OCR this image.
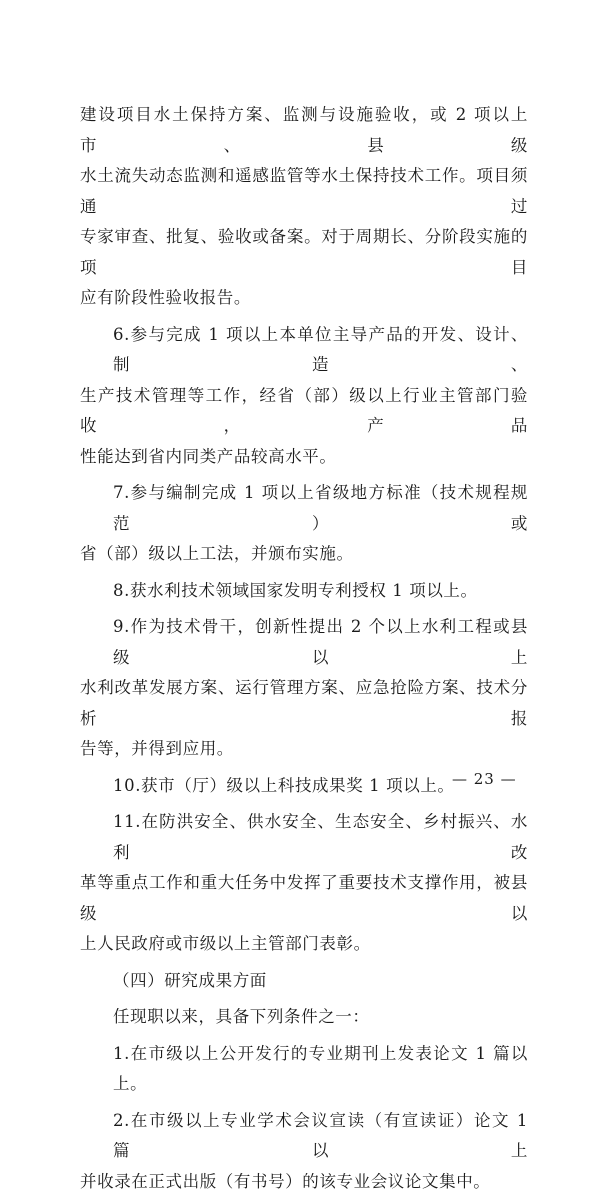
建设项目水土保持方案、监测与设施验收，或 2 项以上市、县级
水土流失动态监测和遥感监管等水土保持技术工作。项目须通过
专家审查、批复、验收或备案。对于周期长、分阶段实施的项目
应有阶段性验收报告。
6.参与完成 1 项以上本单位主导产品的开发、设计、制造、
生产技术管理等工作，经省（部）级以上行业主管部门验收，产品
性能达到省内同类产品较高水平。
7.参与编制完成 1 项以上省级地方标准（技术规程规范）或
省（部）级以上工法，并颁布实施。
8.获水利技术领域国家发明专利授权 1 项以上。
9.作为技术骨干，创新性提出 2 个以上水利工程或县级以上
水利改革发展方案、运行管理方案、应急抢险方案、技术分析报
告等，并得到应用。
10.获市（厅）级以上科技成果奖 1 项以上。
11.在防洪安全、供水安全、生态安全、乡村振兴、水利改
革等重点工作和重大任务中发挥了重要技术支撑作用，被县级以
上人民政府或市级以上主管部门表彰。
（四）研究成果方面
任现职以来，具备下列条件之一：
1.在市级以上公开发行的专业期刊上发表论文 1 篇以上。
2.在市级以上专业学术会议宣读（有宣读证）论文 1 篇以上
并收录在正式出版（有书号）的该专业会议论文集中。
— 23 —
